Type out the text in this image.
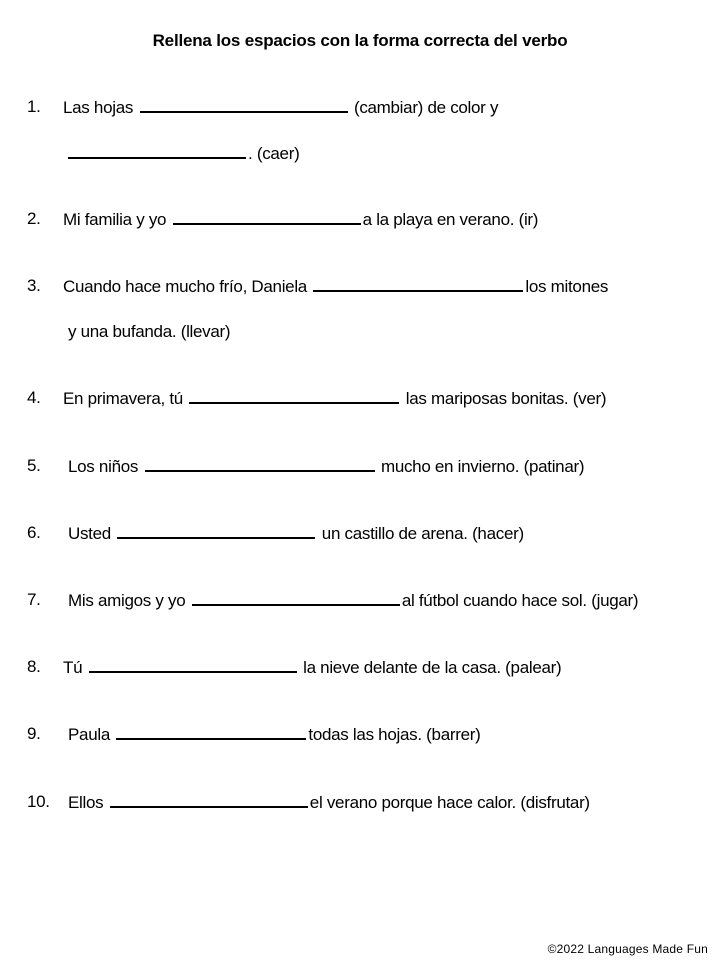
Rellena los espacios con la forma correcta del verbo
1. Las hojas	(cambiar) de color y
. (caer)
2. Mi familia y yo	a la playa en verano. (ir)
3. Cuando hace mucho frío, Daniela	los mitones
y una bufanda. (llevar)
4. En primavera, tú	las mariposas bonitas. (ver)
5. Los niños	mucho en invierno. (patinar)
6. Usted	un castillo de arena. (hacer)
7. Mis amigos y yo	al fútbol cuando hace sol. (jugar)
8. Tú	la nieve delante de la casa. (palear)
9. Paula	todas las hojas. (barrer)
10. Ellos	el verano porque hace calor. (disfrutar)
©2022 Languages Made Fun
